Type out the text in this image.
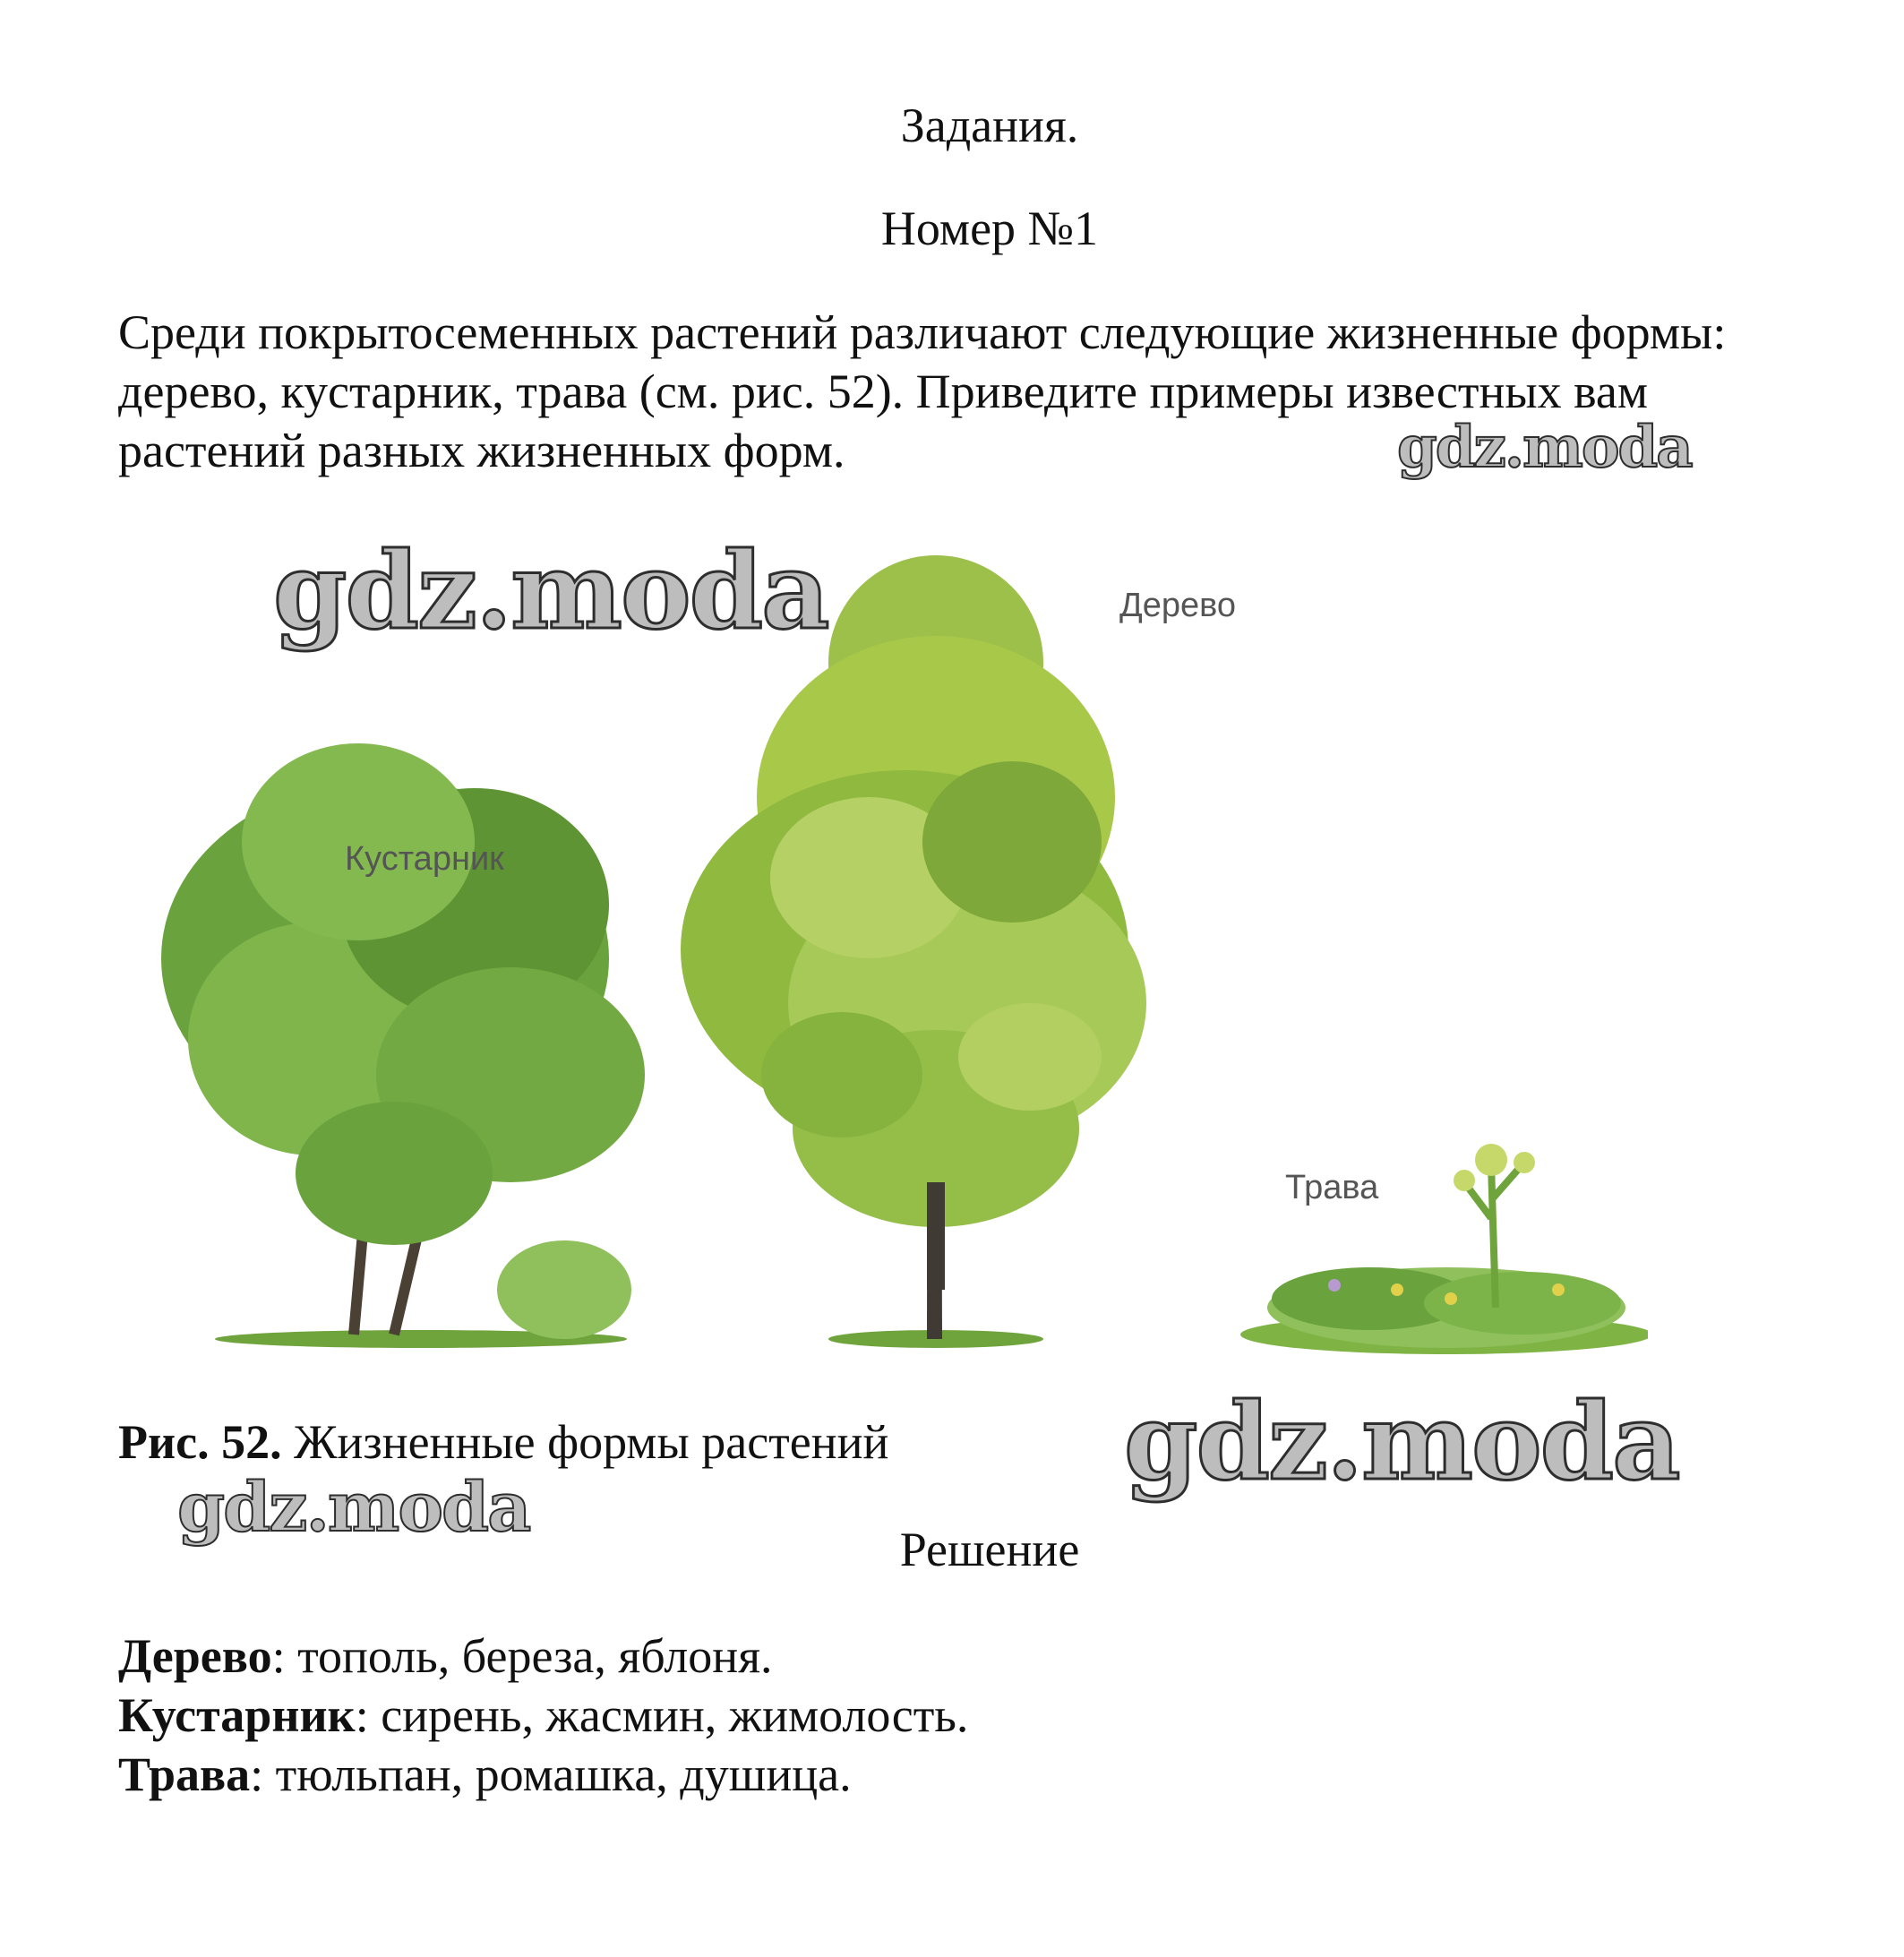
Задания.
Номер №1
Среди покрытосеменных растений различают следующие жизненные формы: дерево, кустарник, трава (см. рис. 52). Приведите примеры известных вам растений разных жизненных форм.
Дерево
Кустарник
Трава
Рис. 52. Жизненные формы растений
Решение
Дерево: тополь, береза, яблоня.
Кустарник: сирень, жасмин, жимолость.
Трава: тюльпан, ромашка, душица.
gdz.moda
gdz.moda
gdz.moda
gdz.moda
